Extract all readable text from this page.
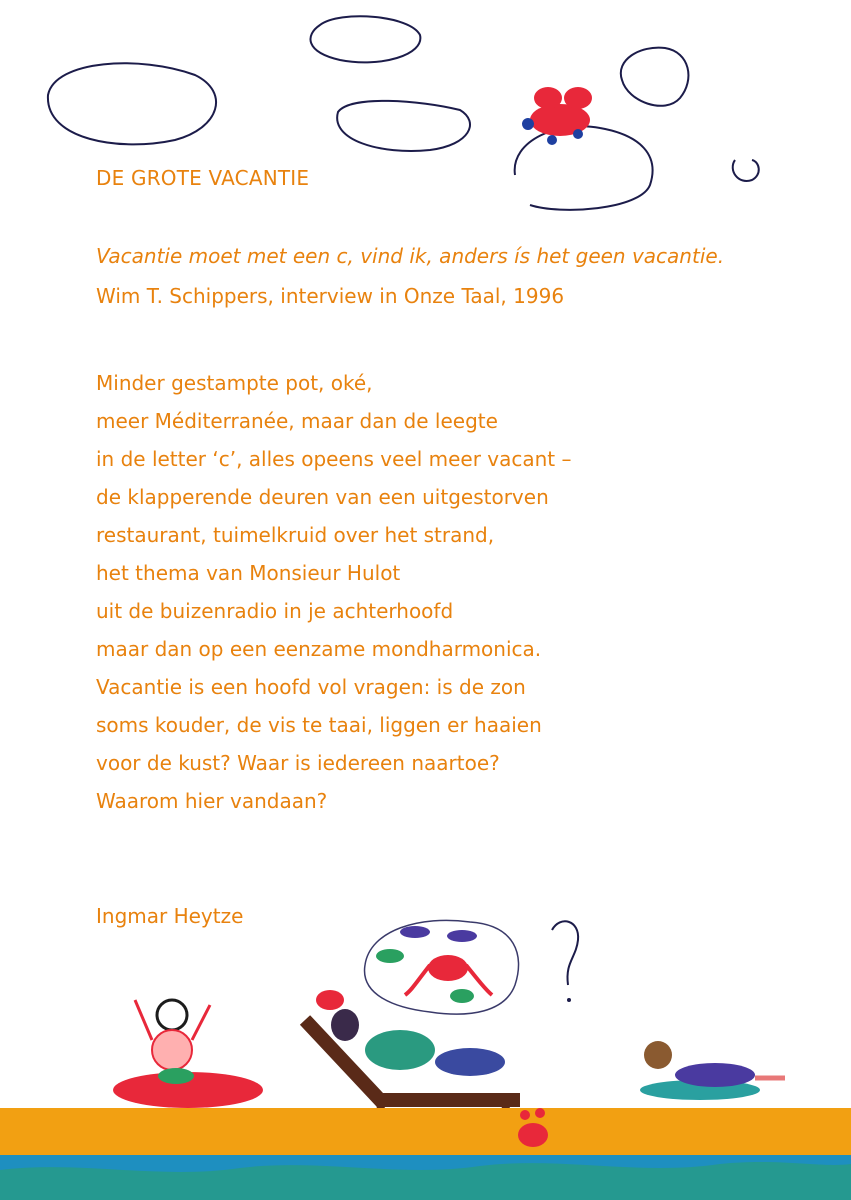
DE GROTE VACANTIE
Vacantie moet met een c, vind ik, anders ís het geen vacantie.
Wim T. Schippers, interview in Onze Taal, 1996
Minder gestampte pot, oké,
meer Méditerranée, maar dan de leegte
in de letter ‘c’, alles opeens veel meer vacant –
de klapperende deuren van een uitgestorven
restaurant, tuimelkruid over het strand,
het thema van Monsieur Hulot
uit de buizenradio in je achterhoofd
maar dan op een eenzame mondharmonica.
Vacantie is een hoofd vol vragen: is de zon
soms kouder, de vis te taai, liggen er haaien
voor de kust? Waar is iedereen naartoe?
Waarom hier vandaan?
Ingmar Heytze
